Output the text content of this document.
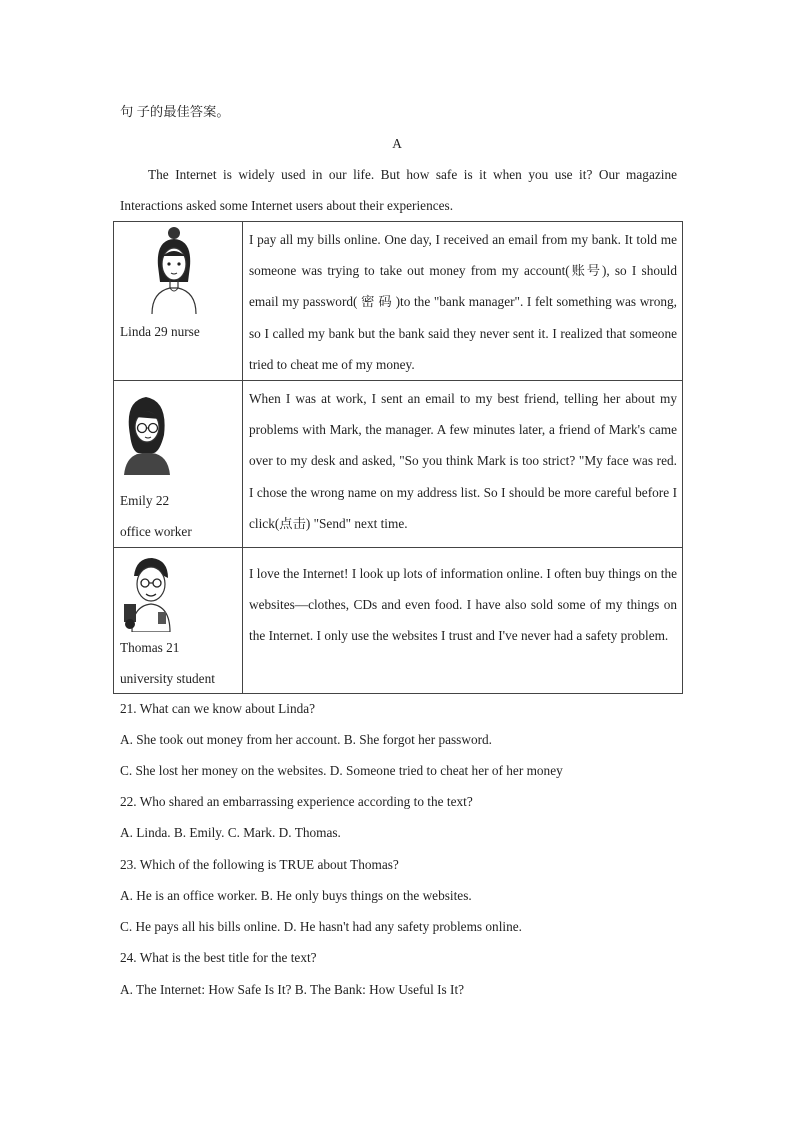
句 子的最佳答案。
A
The Internet is widely used in our life. But how safe is it when you use it? Our magazine
Interactions asked some Internet users about their experiences.
Linda 29 nurse	I pay all my bills online. One day, I received an email from my bank. It told me someone was trying to take out money from my account(账号), so I should email my password( 密 码 )to the "bank manager". I felt something was wrong, so I called my bank but the bank said they never sent it. I realized that someone tried to cheat me of my money.

Emily 22
office worker	When I was at work, I sent an email to my best friend, telling her about my problems with Mark, the manager. A few minutes later, a friend of Mark's came over to my desk and asked, "So you think Mark is too strict? "My face was red. I chose the wrong name on my address list. So I should be more careful before I click(点击) "Send" next time.

Thomas 21
university student	I love the Internet! I look up lots of information online. I often buy things on the websites—clothes, CDs and even food. I have also sold some of my things on the Internet. I only use the websites I trust and I've never had a safety problem.
21. What can we know about Linda?
A. She took out money from her account. B. She forgot her password.
C. She lost her money on the websites. D. Someone tried to cheat her of her money
22. Who shared an embarrassing experience according to the text?
A. Linda. B. Emily. C. Mark. D. Thomas.
23. Which of the following is TRUE about Thomas?
A. He is an office worker. B. He only buys things on the websites.
C. He pays all his bills online. D. He hasn't had any safety problems online.
24. What is the best title for the text?
A. The Internet: How Safe Is It? B. The Bank: How Useful Is It?
